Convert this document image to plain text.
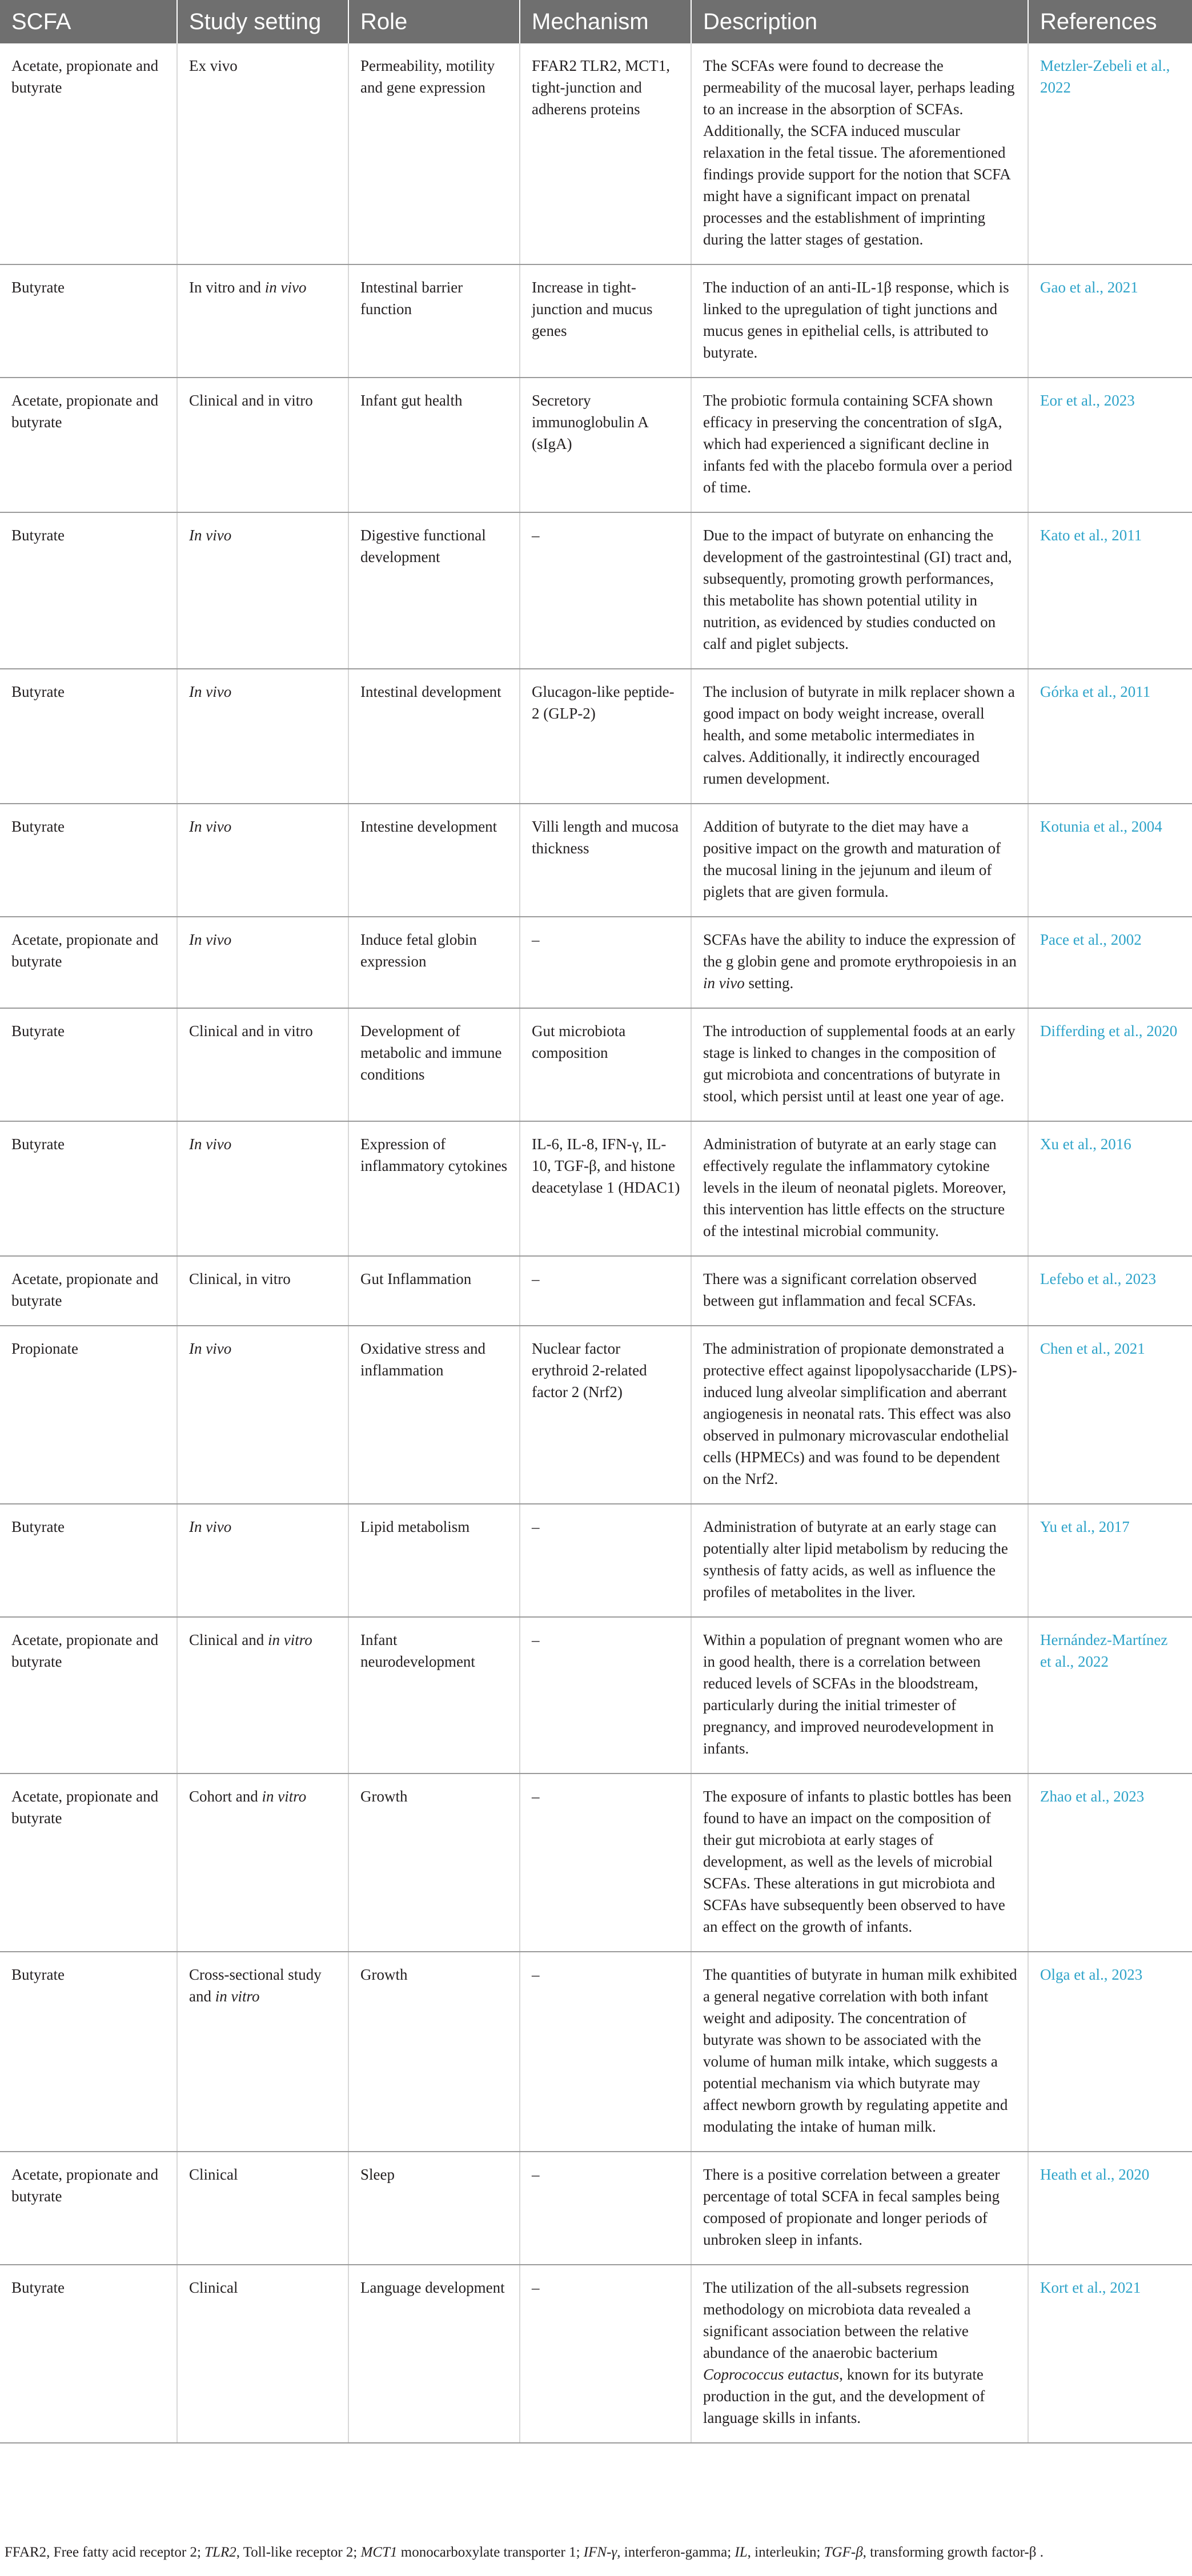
SCFA	Study setting	Role	Mechanism	Description	References
Acetate, propionate and butyrate	Ex vivo	Permeability, motility and gene expression	FFAR2 TLR2, MCT1, tight-junction and adherens proteins	The SCFAs were found to decrease the permeability of the mucosal layer, perhaps leading to an increase in the absorption of SCFAs. Additionally, the SCFA induced muscular relaxation in the fetal tissue. The aforementioned findings provide support for the notion that SCFA might have a significant impact on prenatal processes and the establishment of imprinting during the latter stages of gestation.	Metzler-Zebeli et al., 2022
Butyrate	In vitro and in vivo	Intestinal barrier function	Increase in tight-junction and mucus genes	The induction of an anti-IL-1β response, which is linked to the upregulation of tight junctions and mucus genes in epithelial cells, is attributed to butyrate.	Gao et al., 2021
Acetate, propionate and butyrate	Clinical and in vitro	Infant gut health	Secretory immunoglobulin A (sIgA)	The probiotic formula containing SCFA shown efficacy in preserving the concentration of sIgA, which had experienced a significant decline in infants fed with the placebo formula over a period of time.	Eor et al., 2023
Butyrate	In vivo	Digestive functional development	–	Due to the impact of butyrate on enhancing the development of the gastrointestinal (GI) tract and, subsequently, promoting growth performances, this metabolite has shown potential utility in nutrition, as evidenced by studies conducted on calf and piglet subjects.	Kato et al., 2011
Butyrate	In vivo	Intestinal development	Glucagon-like peptide-2 (GLP-2)	The inclusion of butyrate in milk replacer shown a good impact on body weight increase, overall health, and some metabolic intermediates in calves. Additionally, it indirectly encouraged rumen development.	Górka et al., 2011
Butyrate	In vivo	Intestine development	Villi length and mucosa thickness	Addition of butyrate to the diet may have a positive impact on the growth and maturation of the mucosal lining in the jejunum and ileum of piglets that are given formula.	Kotunia et al., 2004
Acetate, propionate and butyrate	In vivo	Induce fetal globin expression	–	SCFAs have the ability to induce the expression of the g globin gene and promote erythropoiesis in an in vivo setting.	Pace et al., 2002
Butyrate	Clinical and in vitro	Development of metabolic and immune conditions	Gut microbiota composition	The introduction of supplemental foods at an early stage is linked to changes in the composition of gut microbiota and concentrations of butyrate in stool, which persist until at least one year of age.	Differding et al., 2020
Butyrate	In vivo	Expression of inflammatory cytokines	IL-6, IL-8, IFN-γ, IL-10, TGF-β, and histone deacetylase 1 (HDAC1)	Administration of butyrate at an early stage can effectively regulate the inflammatory cytokine levels in the ileum of neonatal piglets. Moreover, this intervention has little effects on the structure of the intestinal microbial community.	Xu et al., 2016
Acetate, propionate and butyrate	Clinical, in vitro	Gut Inflammation	–	There was a significant correlation observed between gut inflammation and fecal SCFAs.	Lefebo et al., 2023
Propionate	In vivo	Oxidative stress and inflammation	Nuclear factor erythroid 2-related factor 2 (Nrf2)	The administration of propionate demonstrated a protective effect against lipopolysaccharide (LPS)-induced lung alveolar simplification and aberrant angiogenesis in neonatal rats. This effect was also observed in pulmonary microvascular endothelial cells (HPMECs) and was found to be dependent on the Nrf2.	Chen et al., 2021
Butyrate	In vivo	Lipid metabolism	–	Administration of butyrate at an early stage can potentially alter lipid metabolism by reducing the synthesis of fatty acids, as well as influence the profiles of metabolites in the liver.	Yu et al., 2017
Acetate, propionate and butyrate	Clinical and in vitro	Infant neurodevelopment	–	Within a population of pregnant women who are in good health, there is a correlation between reduced levels of SCFAs in the bloodstream, particularly during the initial trimester of pregnancy, and improved neurodevelopment in infants.	Hernández-Martínez et al., 2022
Acetate, propionate and butyrate	Cohort and in vitro	Growth	–	The exposure of infants to plastic bottles has been found to have an impact on the composition of their gut microbiota at early stages of development, as well as the levels of microbial SCFAs. These alterations in gut microbiota and SCFAs have subsequently been observed to have an effect on the growth of infants.	Zhao et al., 2023
Butyrate	Cross-sectional study and in vitro	Growth	–	The quantities of butyrate in human milk exhibited a general negative correlation with both infant weight and adiposity. The concentration of butyrate was shown to be associated with the volume of human milk intake, which suggests a potential mechanism via which butyrate may affect newborn growth by regulating appetite and modulating the intake of human milk.	Olga et al., 2023
Acetate, propionate and butyrate	Clinical	Sleep	–	There is a positive correlation between a greater percentage of total SCFA in fecal samples being composed of propionate and longer periods of unbroken sleep in infants.	Heath et al., 2020
Butyrate	Clinical	Language development	–	The utilization of the all-subsets regression methodology on microbiota data revealed a significant association between the relative abundance of the anaerobic bacterium Coprococcus eutactus, known for its butyrate production in the gut, and the development of language skills in infants.	Kort et al., 2021
FFAR2, Free fatty acid receptor 2; TLR2, Toll-like receptor 2; MCT1 monocarboxylate transporter 1; IFN-γ, interferon-gamma; IL, interleukin; TGF-β, transforming growth factor-β .
